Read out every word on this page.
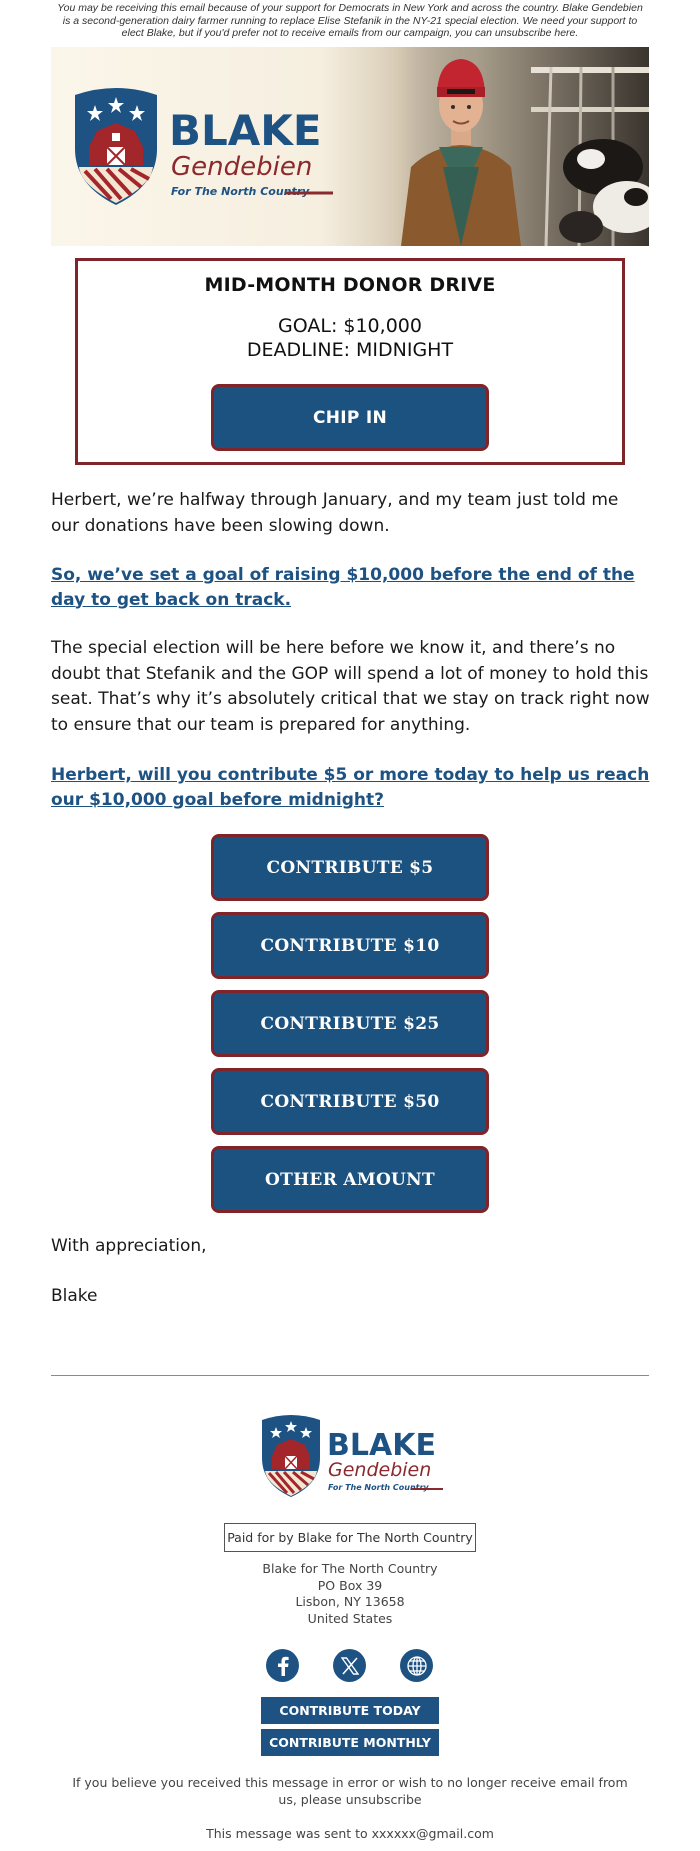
You may be receiving this email because of your support for Democrats in New York and across the country. Blake Gendebien is a second-generation dairy farmer running to replace Elise Stefanik in the NY-21 special election. We need your support to elect Blake, but if you'd prefer not to receive emails from our campaign, you can unsubscribe here.
BLAKE
Gendebien
For The North Country
MID-MONTH DONOR DRIVE
GOAL: $10,000
DEADLINE: MIDNIGHT
CHIP IN
Herbert, we’re halfway through January, and my team just told me our donations have been slowing down.
So, we’ve set a goal of raising $10,000 before the end of the day to get back on track.
The special election will be here before we know it, and there’s no doubt that Stefanik and the GOP will spend a lot of money to hold this seat. That’s why it’s absolutely critical that we stay on track right now to ensure that our team is prepared for anything.
Herbert, will you contribute $5 or more today to help us reach our $10,000 goal before midnight?
CONTRIBUTE $5
CONTRIBUTE $10
CONTRIBUTE $25
CONTRIBUTE $50
OTHER AMOUNT
With appreciation,
Blake
BLAKE
Gendebien
For The North Country
Paid for by Blake for The North Country
Blake for The North Country
PO Box 39
Lisbon, NY 13658
United States
CONTRIBUTE TODAY
CONTRIBUTE MONTHLY
If you believe you received this message in error or wish to no longer receive email from us, please unsubscribe
This message was sent to xxxxxx@gmail.com
